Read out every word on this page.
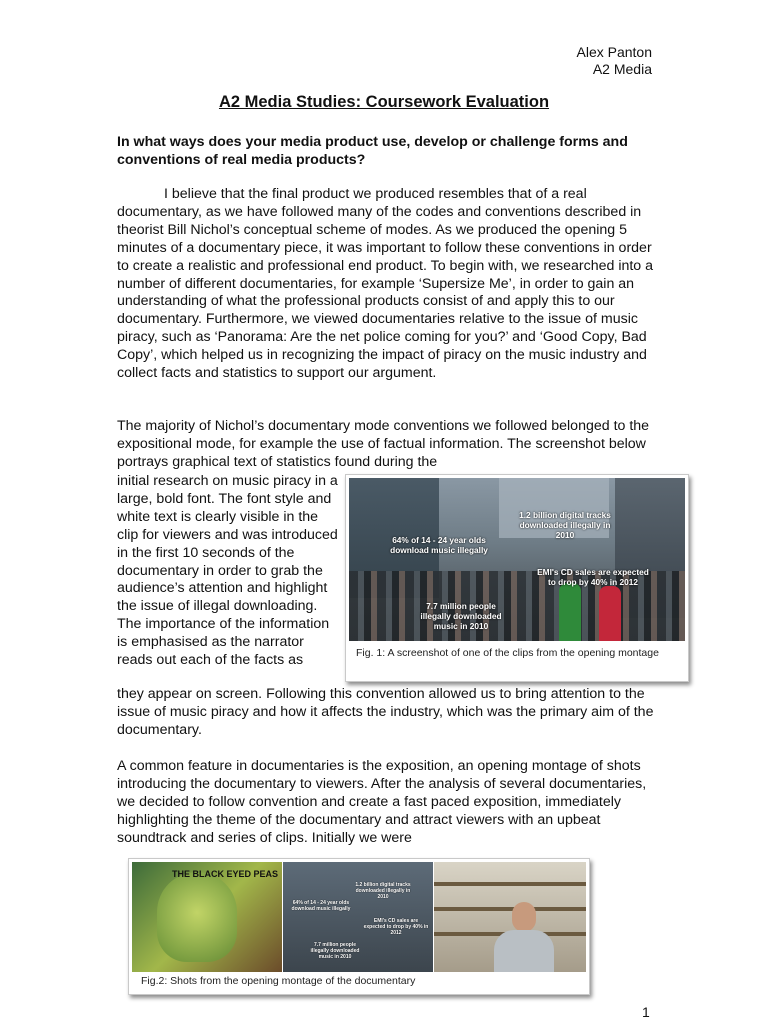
Alex Panton
A2 Media
A2 Media Studies: Coursework Evaluation
In what ways does your media product use, develop or challenge forms and conventions of real media products?
I believe that the final product we produced resembles that of a real documentary, as we have followed many of the codes and conventions described in theorist Bill Nichol’s conceptual scheme of modes. As we produced the opening 5 minutes of a documentary piece, it was important to follow these conventions in order to create a realistic and professional end product. To begin with, we researched into a number of different documentaries, for example ‘Supersize Me’, in order to gain an understanding of what the professional products consist of and apply this to our documentary. Furthermore, we viewed documentaries relative to the issue of music piracy, such as ‘Panorama: Are the net police coming for you?’ and ‘Good Copy, Bad Copy’, which helped us in recognizing the impact of piracy on the music industry and collect facts and statistics to support our argument.
The majority of Nichol’s documentary mode conventions we followed belonged to the expositional mode, for example the use of factual information. The screenshot below portrays graphical text of statistics found during the
initial research on music piracy in a large, bold font. The font style and white text is clearly visible in the clip for viewers and was introduced in the first 10 seconds of the documentary in order to grab the audience’s attention and highlight the issue of illegal downloading. The importance of the information is emphasised as the narrator reads out each of the facts as
1.2 billion digital tracks downloaded illegally in 2010
64% of 14 - 24 year olds download music illegally
EMI's CD sales are expected to drop by 40% in 2012
7.7 million people illegally downloaded music in 2010
Fig. 1: A screenshot of one of the clips from the opening montage
they appear on screen. Following this convention allowed us to bring attention to the issue of music piracy and how it affects the industry, which was the primary aim of the documentary.
A common feature in documentaries is the exposition, an opening montage of shots introducing the documentary to viewers. After the analysis of several documentaries, we decided to follow convention and create a fast paced exposition, immediately highlighting the theme of the documentary and attract viewers with an upbeat soundtrack and series of clips. Initially we were
THE BLACK EYED PEAS
1.2 billion digital tracks downloaded illegally in 2010
64% of 14 - 24 year olds download music illegally
EMI's CD sales are expected to drop by 40% in 2012
7.7 million people illegally downloaded music in 2010
Fig.2: Shots from the opening montage of the documentary
1
